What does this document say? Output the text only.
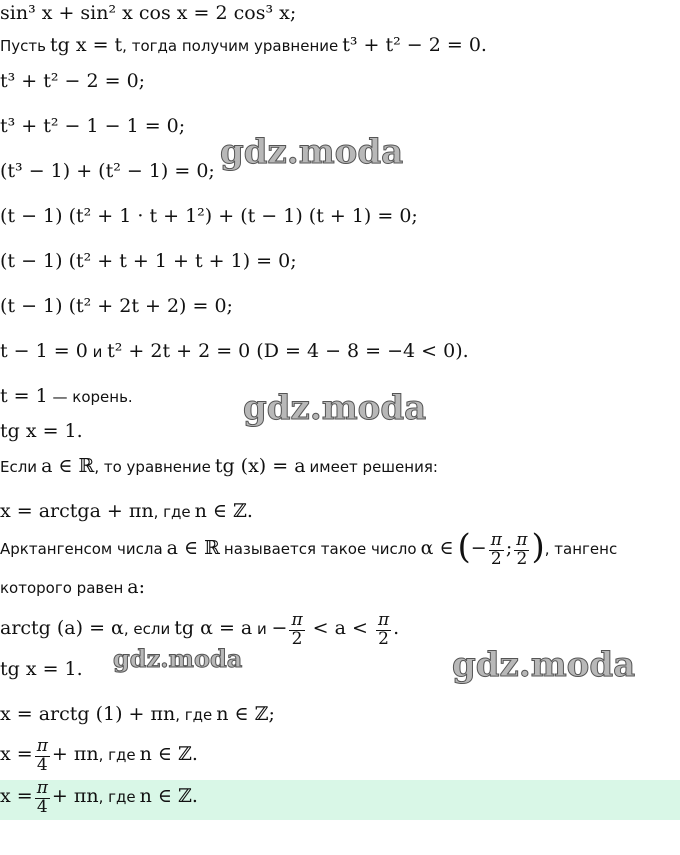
sin³ x + sin² x cos x = 2 cos³ x;
Пусть tg x = t, тогда получим уравнение t³ + t² − 2 = 0.
t³ + t² − 2 = 0;
t³ + t² − 1 − 1 = 0;
(t³ − 1) + (t² − 1) = 0;
(t − 1) (t² + 1 · t + 1²) + (t − 1) (t + 1) = 0;
(t − 1) (t² + t + 1 + t + 1) = 0;
(t − 1) (t² + 2t + 2) = 0;
t − 1 = 0 и t² + 2t + 2 = 0 (D = 4 − 8 = −4 < 0).
t = 1 — корень.
tg x = 1.
Если a ∈ ℝ, то уравнение tg (x) = a имеет решения:
x = arctga + πn, где n ∈ ℤ.
Арктангенсом числа a ∈ ℝ называется такое число α ∈ (− $\frac{\pi}{2}$ ; $\frac{\pi}{2}$ ), тангенс
которого равен a:
arctg (a) = α, если tg α = a $и - \frac{\pi}{2} < a < \frac{\pi}{2}$ .
tg x = 1.
x = arctg (1) + πn, где n ∈ ℤ;
$x = \frac{\pi}{4} + \pi n$, где n ∈ ℤ.
$x = \frac{\pi}{4} + \pi n$, где n ∈ ℤ.
gdz.moda
gdz.moda
gdz.moda	gdz.moda
